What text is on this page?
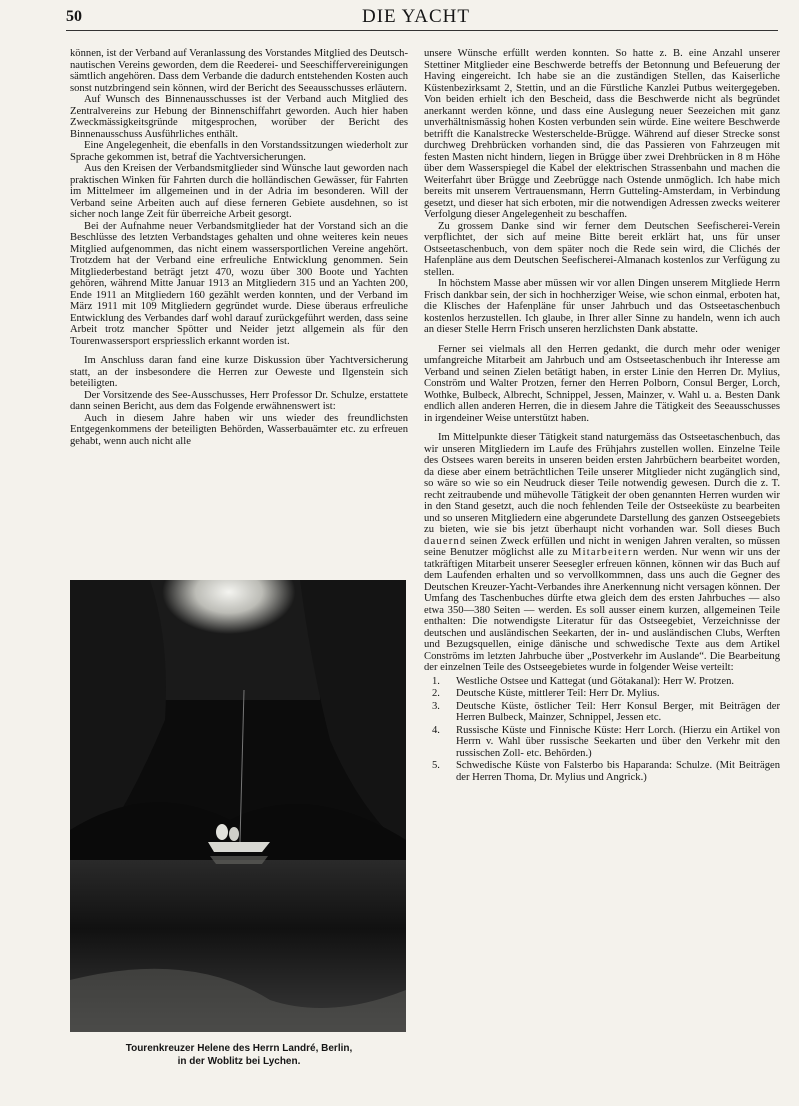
50	DIE YACHT

können, ist der Verband auf Veranlassung des Vorstandes Mitglied des Deutsch-nautischen Vereins geworden, dem die Reederei- und Seeschiffervereinigungen sämtlich angehören. Dass dem Verbande die dadurch entstehenden Kosten auch sonst nutzbringend sein können, wird der Bericht des Seeausschusses erläutern.

Auf Wunsch des Binnenausschusses ist der Verband auch Mitglied des Zentralvereins zur Hebung der Binnenschiffahrt geworden. Auch hier haben Zweckmässigkeitsgründe mitgesprochen, worüber der Bericht des Binnenausschuss Ausführliches enthält.

Eine Angelegenheit, die ebenfalls in den Vorstandssitzungen wiederholt zur Sprache gekommen ist, betraf die Yachtversicherungen.

Aus den Kreisen der Verbandsmitglieder sind Wünsche laut geworden nach praktischen Winken für Fahrten durch die holländischen Gewässer, für Fahrten im Mittelmeer im allgemeinen und in der Adria im besonderen. Will der Verband seine Arbeiten auch auf diese ferneren Gebiete ausdehnen, so ist sicher noch lange Zeit für überreiche Arbeit gesorgt.

Bei der Aufnahme neuer Verbandsmitglieder hat der Vorstand sich an die Beschlüsse des letzten Verbandstages gehalten und ohne weiteres kein neues Mitglied aufgenommen, das nicht einem wassersportlichen Vereine angehört. Trotzdem hat der Verband eine erfreuliche Entwicklung genommen. Sein Mitgliederbestand beträgt jetzt 470, wozu über 300 Boote und Yachten gehören, während Mitte Januar 1913 an Mitgliedern 315 und an Yachten 200, Ende 1911 an Mitgliedern 160 gezählt werden konnten, und der Verband im März 1911 mit 109 Mitgliedern gegründet wurde. Diese überaus erfreuliche Entwicklung des Verbandes darf wohl darauf zurückgeführt werden, dass seine Arbeit trotz mancher Spötter und Neider jetzt allgemein als für den Tourenwassersport erspriesslich erkannt worden ist.

Im Anschluss daran fand eine kurze Diskussion über Yachtversicherung statt, an der insbesondere die Herren zur Oeweste und Ilgenstein sich beteiligten.

Der Vorsitzende des See-Ausschusses, Herr Professor Dr. Schulze, erstattete dann seinen Bericht, aus dem das Folgende erwähnenswert ist:

Auch in diesem Jahre haben wir uns wieder des freundlichsten Entgegenkommens der beteiligten Behörden, Wasserbauämter etc. zu erfreuen gehabt, wenn auch nicht alle

Tourenkreuzer Helene des Herrn Landré, Berlin,
in der Woblitz bei Lychen.

unsere Wünsche erfüllt werden konnten. So hatte z. B. eine Anzahl unserer Stettiner Mitglieder eine Beschwerde betreffs der Betonnung und Befeuerung der Having eingereicht. Ich habe sie an die zuständigen Stellen, das Kaiserliche Küstenbezirksamt 2, Stettin, und an die Fürstliche Kanzlei Putbus weitergegeben. Von beiden erhielt ich den Bescheid, dass die Beschwerde nicht als begründet anerkannt werden könne, und dass eine Auslegung neuer Seezeichen mit ganz unverhältnismässig hohen Kosten verbunden sein würde. Eine weitere Beschwerde betrifft die Kanalstrecke Westerschelde-Brügge. Während auf dieser Strecke sonst durchweg Drehbrücken vorhanden sind, die das Passieren von Fahrzeugen mit festen Masten nicht hindern, liegen in Brügge über zwei Drehbrücken in 8 m Höhe über dem Wasserspiegel die Kabel der elektrischen Strassenbahn und machen die Weiterfahrt über Brügge und Zeebrügge nach Ostende unmöglich. Ich habe mich bereits mit unserem Vertrauensmann, Herrn Gutteling-Amsterdam, in Verbindung gesetzt, und dieser hat sich erboten, mir die notwendigen Adressen zwecks weiterer Verfolgung dieser Angelegenheit zu beschaffen.

Zu grossem Danke sind wir ferner dem Deutschen Seefischerei-Verein verpflichtet, der sich auf meine Bitte bereit erklärt hat, uns für unser Ostseetaschenbuch, von dem später noch die Rede sein wird, die Clichés der Hafenpläne aus dem Deutschen Seefischerei-Almanach kostenlos zur Verfügung zu stellen.

In höchstem Masse aber müssen wir vor allen Dingen unserem Mitgliede Herrn Frisch dankbar sein, der sich in hochherziger Weise, wie schon einmal, erboten hat, die Klisches der Hafenpläne für unser Jahrbuch und das Ostseetaschenbuch kostenlos herzustellen. Ich glaube, in Ihrer aller Sinne zu handeln, wenn ich auch an dieser Stelle Herrn Frisch unseren herzlichsten Dank abstatte.

Ferner sei vielmals all den Herren gedankt, die durch mehr oder weniger umfangreiche Mitarbeit am Jahrbuch und am Ostseetaschenbuch ihr Interesse am Verband und seinen Zielen betätigt haben, in erster Linie den Herren Dr. Mylius, Conström und Walter Protzen, ferner den Herren Polborn, Consul Berger, Lorch, Wothke, Bulbeck, Albrecht, Schnippel, Jessen, Mainzer, v. Wahl u. a. Besten Dank endlich allen anderen Herren, die in diesem Jahre die Tätigkeit des Seeausschusses in irgendeiner Weise unterstützt haben.

Im Mittelpunkte dieser Tätigkeit stand naturgemäss das Ostseetaschenbuch, das wir unseren Mitgliedern im Laufe des Frühjahrs zustellen wollen. Einzelne Teile des Ostsees waren bereits in unseren beiden ersten Jahrbüchern bearbeitet worden, da diese aber einem beträchtlichen Teile unserer Mitglieder nicht zugänglich sind, so wäre so wie so ein Neudruck dieser Teile notwendig gewesen. Durch die z. T. recht zeitraubende und mühevolle Tätigkeit der oben genannten Herren wurden wir in den Stand gesetzt, auch die noch fehlenden Teile der Ostseeküste zu bearbeiten und so unseren Mitgliedern eine abgerundete Darstellung des ganzen Ostseegebiets zu bieten, wie sie bis jetzt überhaupt nicht vorhanden war. Soll dieses Buch dauernd seinen Zweck erfüllen und nicht in wenigen Jahren veralten, so müssen seine Benutzer möglichst alle zu Mitarbeitern werden. Nur wenn wir uns der tatkräftigen Mitarbeit unserer Seesegler erfreuen können, können wir das Buch auf dem Laufenden erhalten und so vervollkommnen, dass uns auch die Gegner des Deutschen Kreuzer-Yacht-Verbandes ihre Anerkennung nicht versagen können. Der Umfang des Taschenbuches dürfte etwa gleich dem des ersten Jahrbuches — also etwa 350—380 Seiten — werden. Es soll ausser einem kurzen, allgemeinen Teile enthalten: Die notwendigste Literatur für das Ostseegebiet, Verzeichnisse der deutschen und ausländischen Seekarten, der in- und ausländischen Clubs, Werften und Bezugsquellen, einige dänische und schwedische Texte aus dem Artikel Conströms im letzten Jahrbuche über „Postverkehr im Auslande“. Die Bearbeitung der einzelnen Teile des Ostseegebietes wurde in folgender Weise verteilt:

1. Westliche Ostsee und Kattegat (und Götakanal): Herr W. Protzen.
2. Deutsche Küste, mittlerer Teil: Herr Dr. Mylius.
3. Deutsche Küste, östlicher Teil: Herr Konsul Berger, mit Beiträgen der Herren Bulbeck, Mainzer, Schnippel, Jessen etc.
4. Russische Küste und Finnische Küste: Herr Lorch. (Hierzu ein Artikel von Herrn v. Wahl über russische Seekarten und über den Verkehr mit den russischen Zoll- etc. Behörden.)
5. Schwedische Küste von Falsterbo bis Haparanda: Schulze. (Mit Beiträgen der Herren Thoma, Dr. Mylius und Angrick.)
